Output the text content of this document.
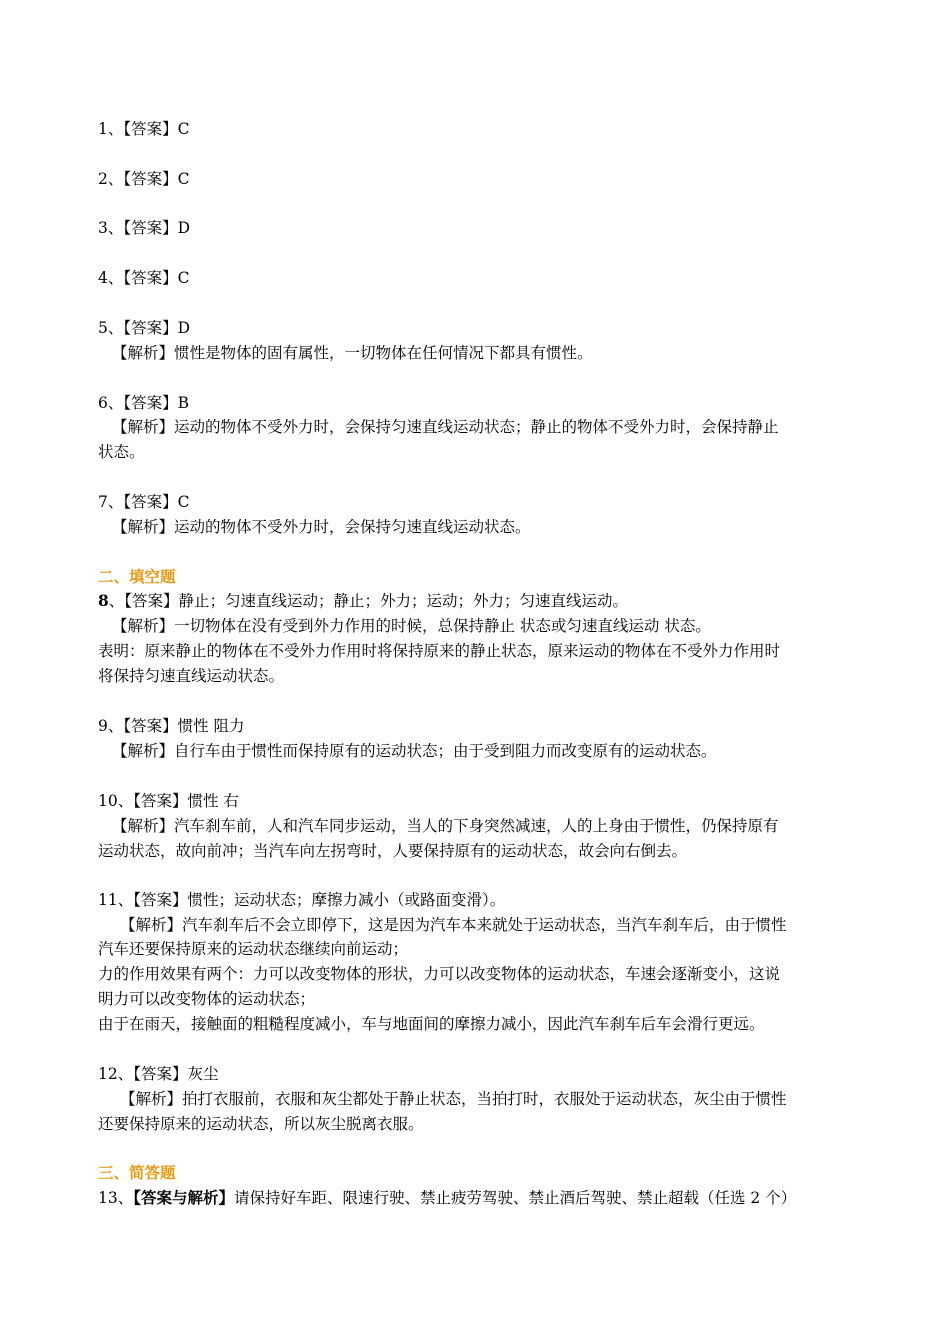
1、【答案】C
2、【答案】C
3、【答案】D
4、【答案】C
5、【答案】D
【解析】惯性是物体的固有属性，一切物体在任何情况下都具有惯性。
6、【答案】B
【解析】运动的物体不受外力时，会保持匀速直线运动状态；静止的物体不受外力时，会保持静止
状态。
7、【答案】C
【解析】运动的物体不受外力时，会保持匀速直线运动状态。
二、填空题
8、【答案】静止；匀速直线运动；静止；外力；运动；外力；匀速直线运动。
【解析】一切物体在没有受到外力作用的时候，总保持静止 状态或匀速直线运动 状态。
表明：原来静止的物体在不受外力作用时将保持原来的静止状态，原来运动的物体在不受外力作用时
将保持匀速直线运动状态。
9、【答案】惯性 阻力
【解析】自行车由于惯性而保持原有的运动状态；由于受到阻力而改变原有的运动状态。
10、【答案】惯性 右
【解析】汽车刹车前，人和汽车同步运动，当人的下身突然减速，人的上身由于惯性，仍保持原有
运动状态，故向前冲；当汽车向左拐弯时，人要保持原有的运动状态，故会向右倒去。
11、【答案】惯性；运动状态；摩擦力减小（或路面变滑）。
【解析】汽车刹车后不会立即停下，这是因为汽车本来就处于运动状态，当汽车刹车后，由于惯性
汽车还要保持原来的运动状态继续向前运动；
力的作用效果有两个：力可以改变物体的形状，力可以改变物体的运动状态，车速会逐渐变小，这说
明力可以改变物体的运动状态；
由于在雨天，接触面的粗糙程度减小，车与地面间的摩擦力减小，因此汽车刹车后车会滑行更远。
12、【答案】灰尘
【解析】拍打衣服前，衣服和灰尘都处于静止状态，当拍打时，衣服处于运动状态，灰尘由于惯性
还要保持原来的运动状态，所以灰尘脱离衣服。
三、简答题
13、【答案与解析】请保持好车距、限速行驶、禁止疲劳驾驶、禁止酒后驾驶、禁止超载（任选 2 个）
